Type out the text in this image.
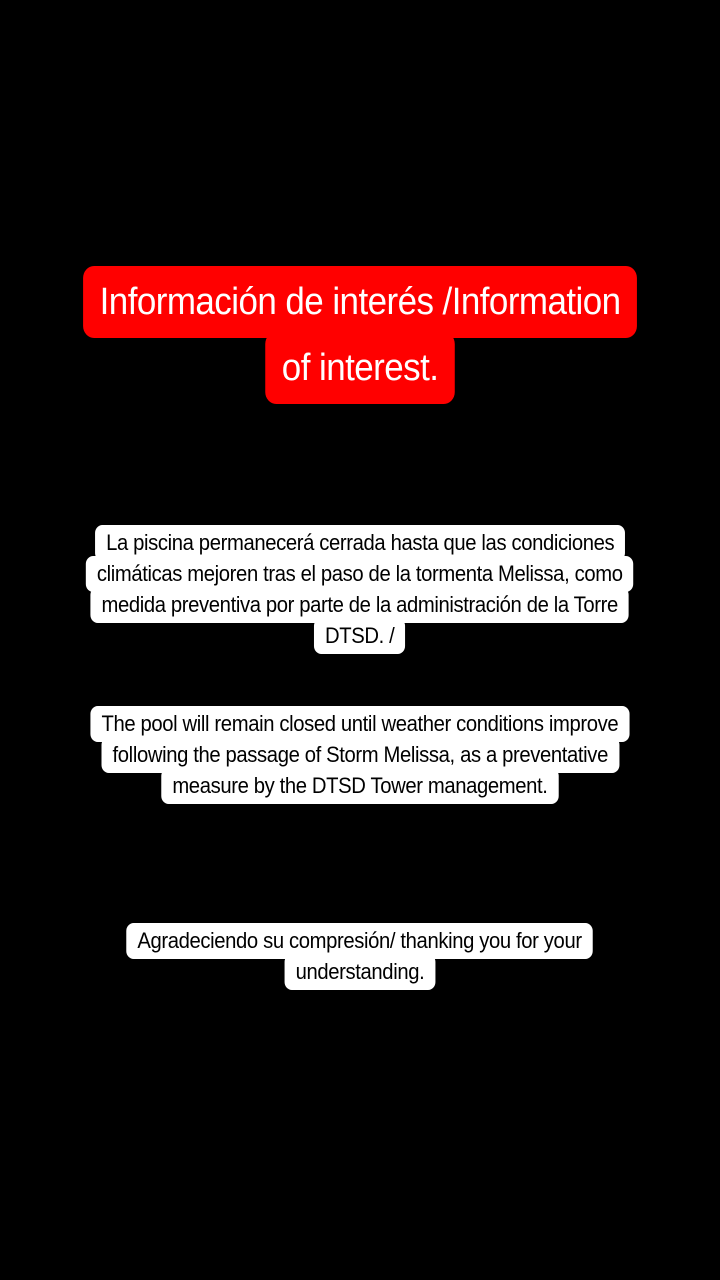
Información de interés /Information
of interest.
La piscina permanecerá cerrada hasta que las condiciones
climáticas mejoren tras el paso de la tormenta Melissa, como
medida preventiva por parte de la administración de la Torre
DTSD. /
The pool will remain closed until weather conditions improve
following the passage of Storm Melissa, as a preventative
measure by the DTSD Tower management.
Agradeciendo su compresión/ thanking you for your
understanding.
